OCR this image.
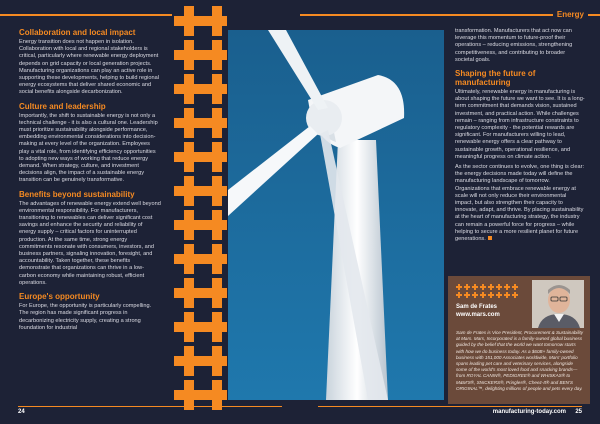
Collaboration and local impact

Energy transition does not happen in isolation. Collaboration with local and regional stakeholders is critical, particularly where renewable energy deployment depends on grid capacity or local generation projects. Manufacturing organizations can play an active role in supporting these developments, helping to build regional energy ecosystems that deliver shared economic and social benefits alongside decarbonization.

Culture and leadership

Importantly, the shift to sustainable energy is not only a technical challenge - it is also a cultural one. Leadership must prioritize sustainability alongside performance, embedding environmental considerations into decision-making at every level of the organization. Employees play a vital role, from identifying efficiency opportunities to adopting new ways of working that reduce energy demand. When strategy, culture, and investment decisions align, the impact of a sustainable energy transition can be genuinely transformative.

Benefits beyond sustainability

The advantages of renewable energy extend well beyond environmental responsibility. For manufacturers, transitioning to renewables can deliver significant cost savings and enhance the security and reliability of energy supply – critical factors for uninterrupted production. At the same time, strong energy commitments resonate with consumers, investors, and business partners, signaling innovation, foresight, and accountability. Taken together, these benefits demonstrate that organizations can thrive in a low-carbon economy while maintaining robust, efficient operations.

Europe's opportunity

For Europe, the opportunity is particularly compelling. The region has made significant progress in decarbonizing electricity supply, creating a strong foundation for industrial

Energy

transformation. Manufacturers that act now can leverage this momentum to future-proof their operations – reducing emissions, strengthening competitiveness, and contributing to broader societal goals.

Shaping the future of manufacturing

Ultimately, renewable energy in manufacturing is about shaping the future we want to see. It is a long-term commitment that demands vision, sustained investment, and practical action. While challenges remain – ranging from infrastructure constraints to regulatory complexity - the potential rewards are significant. For manufacturers willing to lead, renewable energy offers a clear pathway to sustainable growth, operational resilience, and meaningful progress on climate action.

As the sector continues to evolve, one thing is clear: the energy decisions made today will define the manufacturing landscape of tomorrow. Organizations that embrace renewable energy at scale will not only reduce their environmental impact, but also strengthen their capacity to innovate, adapt, and thrive. By placing sustainability at the heart of manufacturing strategy, the industry can remain a powerful force for progress – while helping to secure a more resilient planet for future generations.

Sam de Frates
www.mars.com
Sam de Frates is Vice President, Procurement & Sustainability at Mars. Mars, Incorporated is a family-owned global business guided by the belief that the world we want tomorrow starts with how we do business today. As a $60B+ family-owned business with 151,000 Associates worldwide, Mars' portfolio spans leading pet care and veterinary services, alongside some of the world's most loved food and snacking brands—from ROYAL CANIN®, PEDIGREE® and WHISKAS® to M&M'S®, SNICKERS®, Pringles®, Cheez-It® and BEN'S ORIGINAL™, delighting millions of people and pets every day.
24	manufacturing-today.com 25
